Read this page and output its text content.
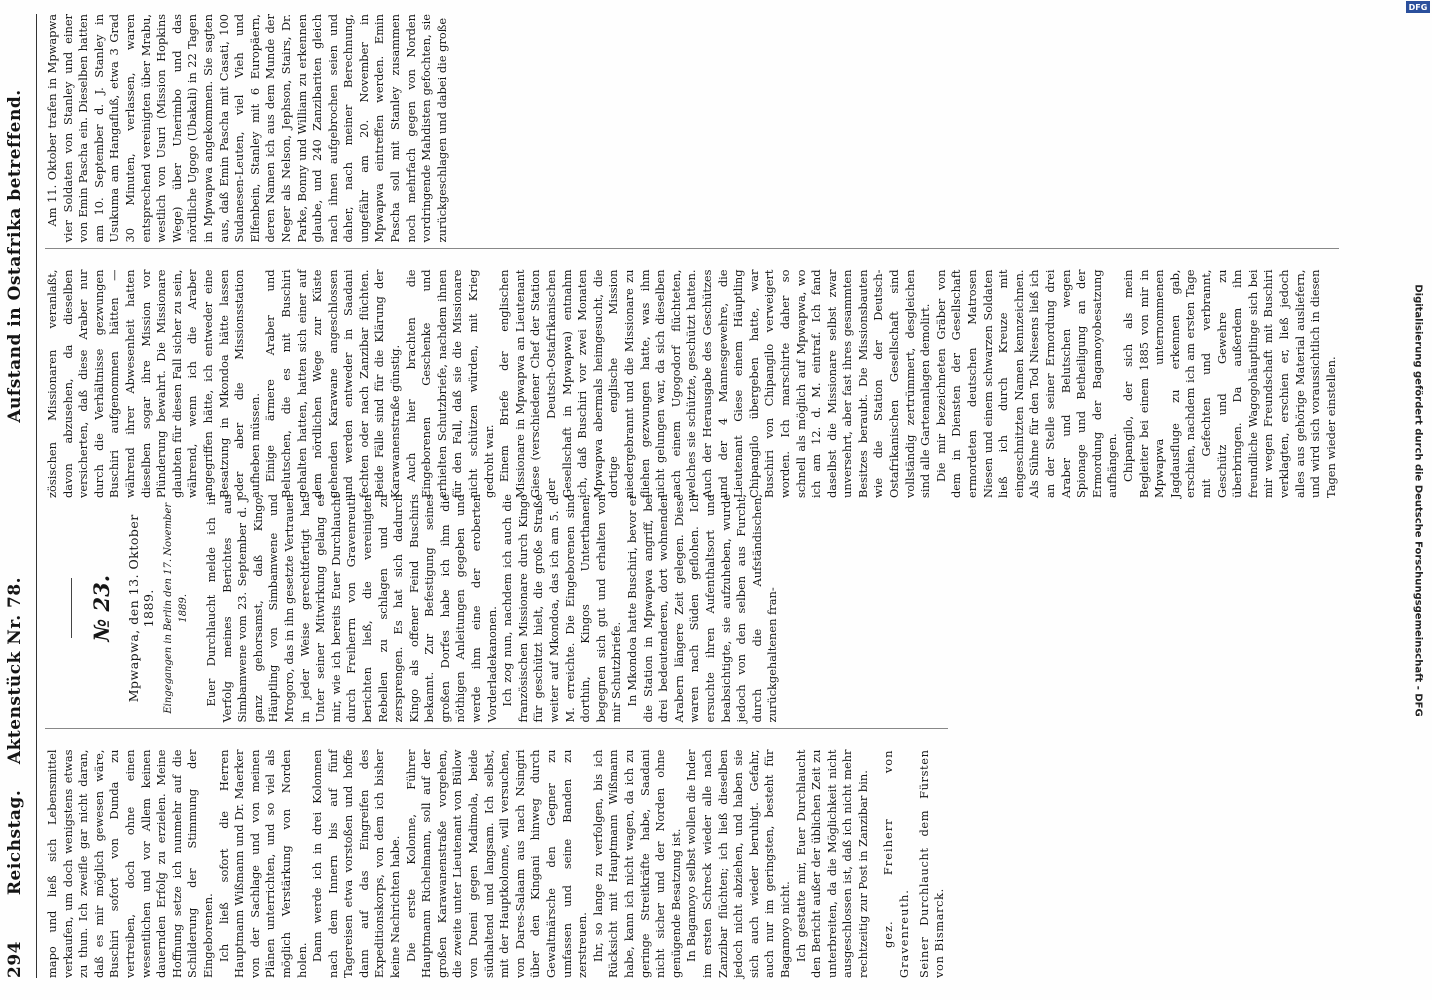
294
Reichstag.    Aktenstück Nr. 78.

mapo und ließ sich Lebensmittel verkaufen, um doch wenigstens etwas zu thun. Ich zweifle gar nicht daran, daß es mir möglich gewesen wäre, Buschiri sofort von Dunda zu vertreiben, doch ohne einen wesentlichen und vor Allem keinen dauernden Erfolg zu erzielen. Meine Hoffnung setze ich nunmehr auf die Schilderung der Stimmung der Eingeborenen. Ich ließ sofort die Herren Hauptmann Wißmann und Dr. Maerker von der Sachlage und von meinen Plänen unterrichten, und so viel als möglich Verstärkung von Norden holen. Dann werde ich in drei Kolonnen nach dem Innern bis auf fünf Tagereisen etwa vorstoßen und hoffe dann auf das Eingreifen des Expeditionskorps, von dem ich bisher keine Nachrichten habe. Die erste Kolonne, Führer Hauptmann Richelmann, soll auf der großen Karawanenstraße vorgehen, die zweite unter Lieutenant von Bülow von Dueni gegen Madimola, beide südhaltend und langsam. Ich selbst, mit der Hauptkolonne, will versuchen, von Dares-Salaam aus nach Nsingiri über den Kingani hinweg durch Gewaltmärsche den Gegner zu umfassen und seine Banden zu zerstreuen. Ihr, so lange zu verfolgen, bis ich Rücksicht mit Hauptmann Wißmann habe, kann ich nicht wagen, da ich zu geringe Streitkräfte habe, Saadani nicht sicher und der Norden ohne genügende Besatzung ist. In Bagamoyo selbst wollen die Inder im ersten Schreck wieder alle nach Zanzibar flüchten; ich ließ dieselben jedoch nicht abziehen, und haben sie sich auch wieder beruhigt. Gefahr, auch nur im geringsten, besteht für Bagamoyo nicht. Ich gestatte mir, Euer Durchlaucht den Bericht außer der üblichen Zeit zu unterbreiten, da die Möglichkeit nicht ausgeschlossen ist, daß ich nicht mehr rechtzeitig zur Post in Zanzibar bin. gez. Freiherr von Gravenreuth. Seiner Durchlaucht dem Fürsten von Bismarck.

№ 23. Mpwapwa, den 13. Oktober 1889. Eingegangen in Berlin den 17. November 1889. Euer Durchlaucht melde ich in Verfolg meines Berichtes aus Simbamwene vom 23. September d. J. ganz gehorsamst, daß Kingo, Häuptling von Simbamwene und Mrogoro, das in ihn gesetzte Vertrauen in jeder Weise gerechtfertigt hat. Unter seiner Mitwirkung gelang es mir, wie ich bereits Euer Durchlaucht durch Freiherrn von Gravenreuth berichten ließ, die vereinigten Rebellen zu schlagen und zu zersprengen. Es hat sich dadurch Kingo als offener Feind Buschiris bekannt. Zur Befestigung seines großen Dorfes habe ich ihm die nöthigen Anleitungen gegeben und werde ihm eine der eroberten Vorderladekanonen. Ich zog nun, nachdem ich auch die französischen Missionare durch Kingo für geschützt hielt, die große Straße weiter auf Mkondoa, das ich am 5. d. M. erreichte. Die Eingeborenen sind dorthin, Kingos Unterthanen, begegnen sich gut und erhalten von mir Schutzbriefe. In Mkondoa hatte Buschiri, bevor er die Station in Mpwapwa angriff, bei drei bedeutenderen, dort wohnenden Arabern längere Zeit gelegen. Diese waren nach Süden geflohen. Ich ersuchte ihren Aufenthaltsort und beabsichtigte, sie aufzuheben, wurde jedoch von den selben aus Furcht, durch die Aufständischen, zurückgehaltenen fran-

Aufstand in Ostafrika betreffend. zösischen Missionaren veranlaßt, davon abzusehen, da dieselben versicherten, daß diese Araber nur durch die Verhältnisse gezwungen Buschiri aufgenommen hätten — während ihrer Abwesenheit hatten dieselben sogar ihre Mission vor Plünderung bewahrt. Die Missionare glaubten für diesen Fall sicher zu sein, während, wenn ich die Araber angegriffen hätte, ich entweder eine Besatzung in Mkondoa hätte lassen oder aber die Missionsstation aufheben müssen. Einige ärmere Araber und Belutschen, die es mit Buschiri gehalten hatten, hatten sich einer auf dem nördlichen Wege zur Küste gehenden Karawane angeschlossen und werden entweder in Saadani fechten oder nach Zanzibar flüchten. Beide Fälle sind für die Klärung der Karawanenstraße günstig. Auch hier brachten die Eingeborenen Geschenke und erhielten Schutzbriefe, nachdem ihnen für den Fall, daß sie die Missionare nicht schützen würden, mit Krieg gedroht war. Einem Briefe der englischen Missionare in Mpwapwa an Lieutenant Giese (verschiedener Chef der Station der Deutsch-Ostafrikanischen Gesellschaft in Mpwapwa) entnahm ich, daß Buschiri vor zwei Monaten Mpwapwa abermals heimgesucht, die dortige englische Mission niedergebrannt und die Missionare zu fliehen gezwungen hatte, was ihm nicht gelungen war, da sich dieselben nach einem Ugogodorf flüchteten, welches sie schützte, geschützt hatten. Auch der Herausgabe des Geschützes und der 4 Mannesgewehre, die Lieutenant Giese einem Häuptling Chipangilo übergeben hatte, war Buschiri von Chipangilo verweigert worden. Ich marschirte daher so schnell als möglich auf Mpwapwa, wo ich am 12. d. M. eintraf. Ich fand daselbst die Missionare selbst zwar unversehrt, aber fast ihres gesammten Besitzes beraubt. Die Missionsbauten wie die Station der Deutsch-Ostafrikanischen Gesellschaft sind vollständig zertrümmert, desgleichen sind alle Gartenanlagen demolirt. Die mir bezeichneten Gräber von dem in Diensten der Gesellschaft ermordeten deutschen Matrosen Niesen und einem schwarzen Soldaten ließ ich durch Kreuze mit eingeschnitzten Namen kennzeichnen. Als Sühne für den Tod Niesens ließ ich an der Stelle seiner Ermordung drei Araber und Belutschen wegen Spionage und Betheiligung an der Ermordung der Bagamoyobesatzung aufhängen. Chipangilo, der sich als mein Begleiter bei einem 1885 von mir in Mpwapwa unternommenen Jagdausfluge zu erkennen gab, erschien, nachdem ich am ersten Tage mit Gefechten und verbrannt, Geschütz und Gewehre zu überbringen. Da außerdem ihn freundliche Wagogohäuptlinge sich bei mir wegen Freundschaft mit Buschiri verklagten, erschien er, ließ jedoch alles aus gehörige Material ausliefern, und wird sich voraussichtlich in diesen Tagen wieder einstellen.

Am 11. Oktober trafen in Mpwapwa vier Soldaten von Stanley und einer von Emin Pascha ein. Dieselben hatten am 10. September d. J. Stanley in Usukuma am Hangafluß, etwa 3 Grad 30 Minuten, verlassen, waren entsprechend vereinigten über Mrabu, westlich von Usuri (Mission Hopkins Wege) über Unerimbo und das nördliche Ugogo (Ubakali) in 22 Tagen in Mpwapwa angekommen. Sie sagten aus, daß Emin Pascha mit Casati, 100 Sudanesen-Leuten, viel Vieh und Elfenbein, Stanley mit 6 Europäern, deren Namen ich aus dem Munde der Neger als Nelson, Jephson, Stairs, Dr. Parke, Bonny und William zu erkennen glaube, und 240 Zanzibariten gleich nach ihnen aufgebrochen seien und daher, nach meiner Berechnung, ungefähr am 20. November in Mpwapwa eintreffen werden. Emin Pascha soll mit Stanley zusammen noch mehrfach gegen von Norden vordringende Mahdisten gefochten, sie zurückgeschlagen und dabei die große

Digitalisierung gefördert durch die Deutsche Forschungsgemeinschaft - DFG
DFG
